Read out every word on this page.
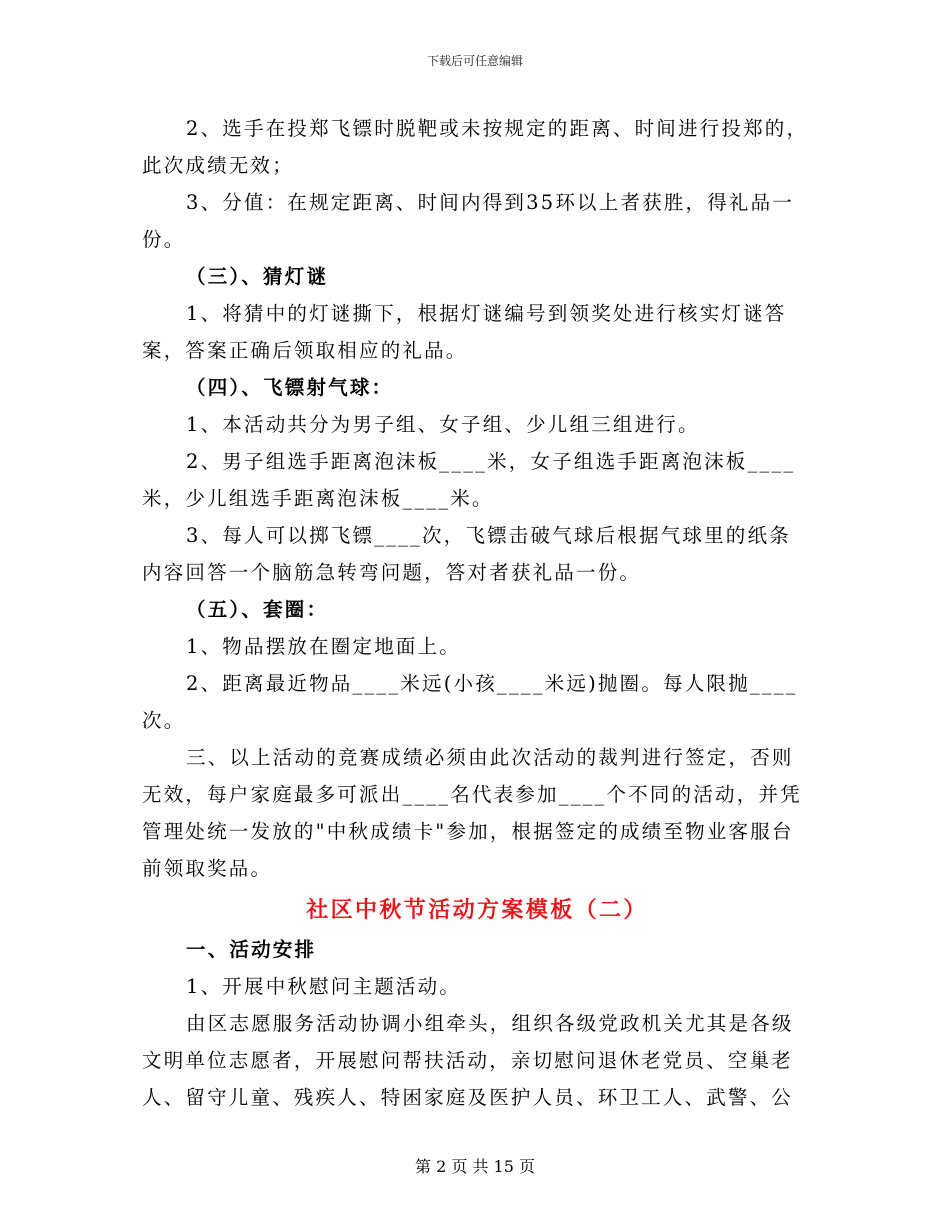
下载后可任意编辑

2、选手在投郑飞镖时脱靶或未按规定的距离、时间进行投郑的，此次成绩无效；

3、分值：在规定距离、时间内得到35环以上者获胜，得礼品一份。

（三）、猜灯谜

1、将猜中的灯谜撕下，根据灯谜编号到领奖处进行核实灯谜答案，答案正确后领取相应的礼品。

（四）、飞镖射气球：

1、本活动共分为男子组、女子组、少儿组三组进行。

2、男子组选手距离泡沫板____米，女子组选手距离泡沫板____米，少儿组选手距离泡沫板____米。

3、每人可以掷飞镖____次，飞镖击破气球后根据气球里的纸条内容回答一个脑筋急转弯问题，答对者获礼品一份。

（五）、套圈：

1、物品摆放在圈定地面上。

2、距离最近物品____米远(小孩____米远)抛圈。每人限抛____次。

三、以上活动的竞赛成绩必须由此次活动的裁判进行签定，否则无效，每户家庭最多可派出____名代表参加____个不同的活动，并凭管理处统一发放的"中秋成绩卡"参加，根据签定的成绩至物业客服台前领取奖品。

社区中秋节活动方案模板（二）

一、活动安排

1、开展中秋慰问主题活动。

由区志愿服务活动协调小组牵头，组织各级党政机关尤其是各级文明单位志愿者，开展慰问帮扶活动，亲切慰问退休老党员、空巢老人、留守儿童、残疾人、特困家庭及医护人员、环卫工人、武警、公

第 2 页 共 15 页
